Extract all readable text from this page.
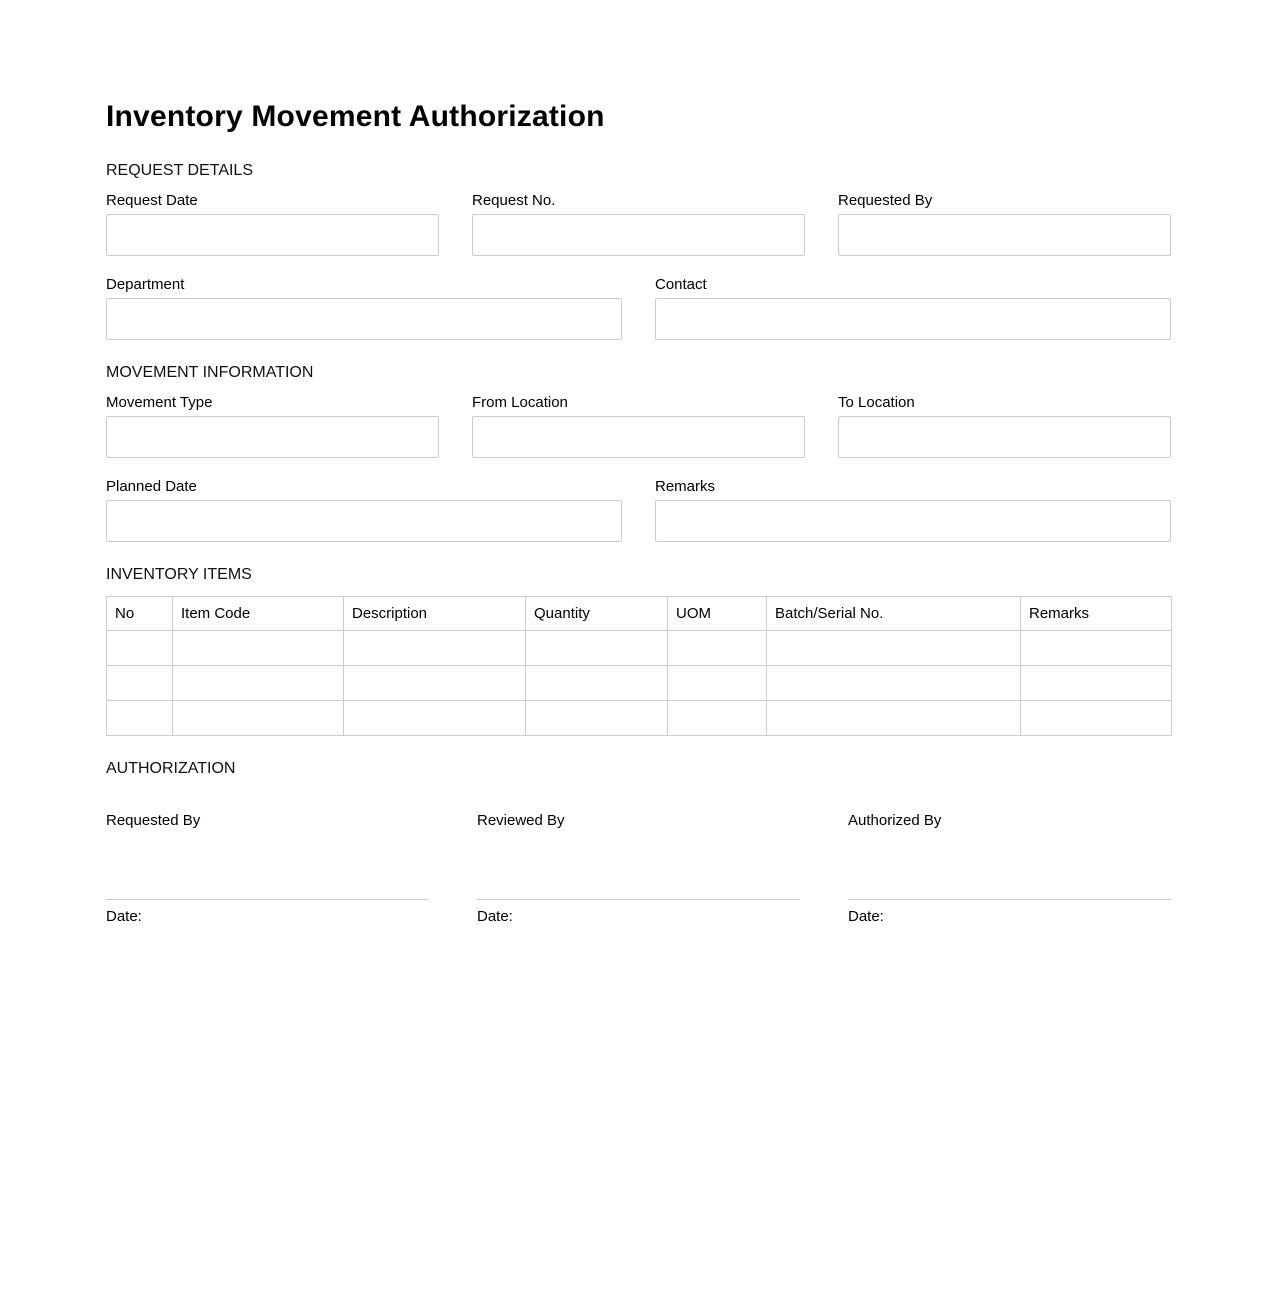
Inventory Movement Authorization
REQUEST DETAILS
Request Date	Request No.	Requested By
Department	Contact
MOVEMENT INFORMATION
Movement Type	From Location	To Location
Planned Date	Remarks
INVENTORY ITEMS
No	Item Code	Description	Quantity	UOM	Batch/Serial No.	Remarks

AUTHORIZATION
Requested By
Date:
Reviewed By
Date:
Authorized By
Date:
